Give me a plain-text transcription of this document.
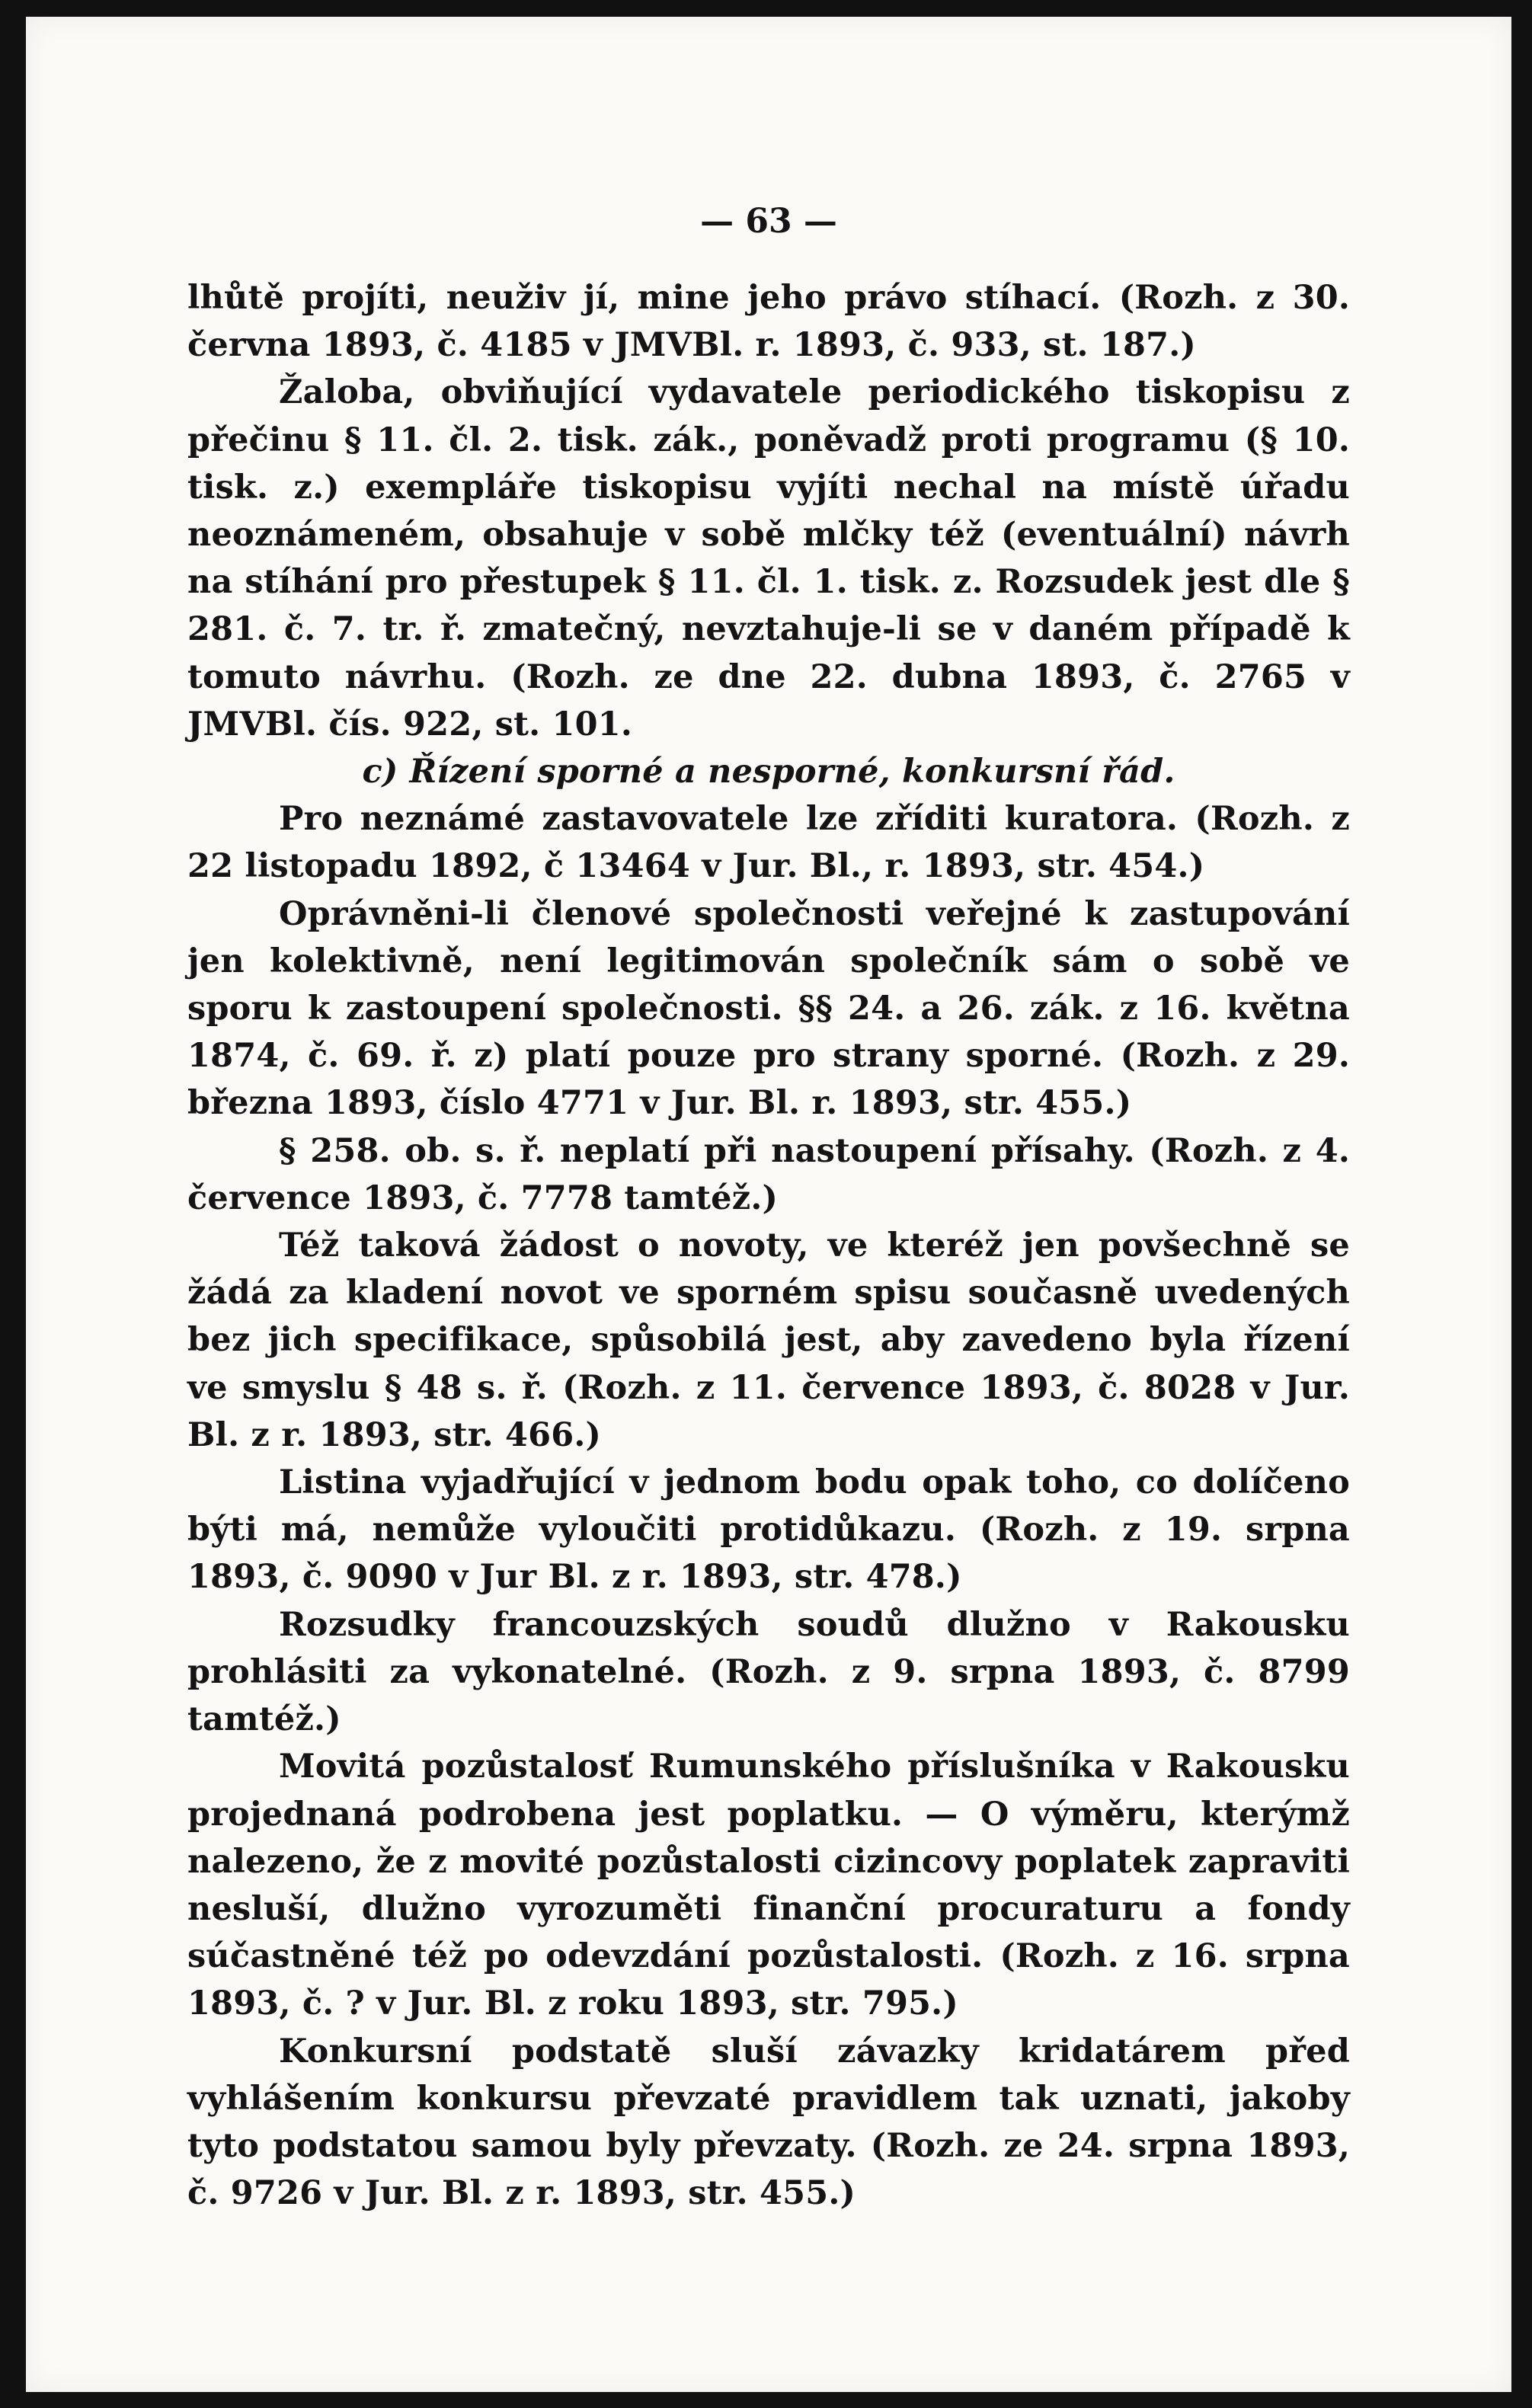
— 63 —

lhůtě projíti, neuživ jí, mine jeho právo stíhací. (Rozh. z 30. června 1893, č. 4185 v JMVBl. r. 1893, č. 933, st. 187.)

Žaloba, obviňující vydavatele periodického tiskopisu z přečinu § 11. čl. 2. tisk. zák., poněvadž proti programu (§ 10. tisk. z.) exempláře tiskopisu vyjíti nechal na místě úřadu neoznámeném, obsahuje v sobě mlčky též (eventuální) návrh na stíhání pro přestupek § 11. čl. 1. tisk. z. Rozsudek jest dle § 281. č. 7. tr. ř. zmatečný, nevztahuje-li se v daném případě k tomuto návrhu. (Rozh. ze dne 22. dubna 1893, č. 2765 v JMVBl. čís. 922, st. 101.

c) Řízení sporné a nesporné, konkursní řád.

Pro neznámé zastavovatele lze zříditi kuratora. (Rozh. z 22 listopadu 1892, č 13464 v Jur. Bl., r. 1893, str. 454.)

Oprávněni-li členové společnosti veřejné k zastupování jen kolektivně, není legitimován společník sám o sobě ve sporu k zastoupení společnosti. §§ 24. a 26. zák. z 16. května 1874, č. 69. ř. z) platí pouze pro strany sporné. (Rozh. z 29. března 1893, číslo 4771 v Jur. Bl. r. 1893, str. 455.)

§ 258. ob. s. ř. neplatí při nastoupení přísahy. (Rozh. z 4. července 1893, č. 7778 tamtéž.)

Též taková žádost o novoty, ve kteréž jen povšechně se žádá za kladení novot ve sporném spisu současně uvedených bez jich specifikace, spůsobilá jest, aby zavedeno byla řízení ve smyslu § 48 s. ř. (Rozh. z 11. července 1893, č. 8028 v Jur. Bl. z r. 1893, str. 466.)

Listina vyjadřující v jednom bodu opak toho, co dolíčeno býti má, nemůže vyloučiti protidůkazu. (Rozh. z 19. srpna 1893, č. 9090 v Jur Bl. z r. 1893, str. 478.)

Rozsudky francouzských soudů dlužno v Rakousku prohlásiti za vykonatelné. (Rozh. z 9. srpna 1893, č. 8799 tamtéž.)

Movitá pozůstalosť Rumunského příslušníka v Rakousku projednaná podrobena jest poplatku. — O výměru, kterýmž nalezeno, že z movité pozůstalosti cizincovy poplatek zapraviti nesluší, dlužno vyrozuměti finanční procuraturu a fondy súčastněné též po odevzdání pozůstalosti. (Rozh. z 16. srpna 1893, č. ? v Jur. Bl. z roku 1893, str. 795.)

Konkursní podstatě sluší závazky kridatárem před vyhlášením konkursu převzaté pravidlem tak uznati, jakoby tyto podstatou samou byly převzaty. (Rozh. ze 24. srpna 1893, č. 9726 v Jur. Bl. z r. 1893, str. 455.)
